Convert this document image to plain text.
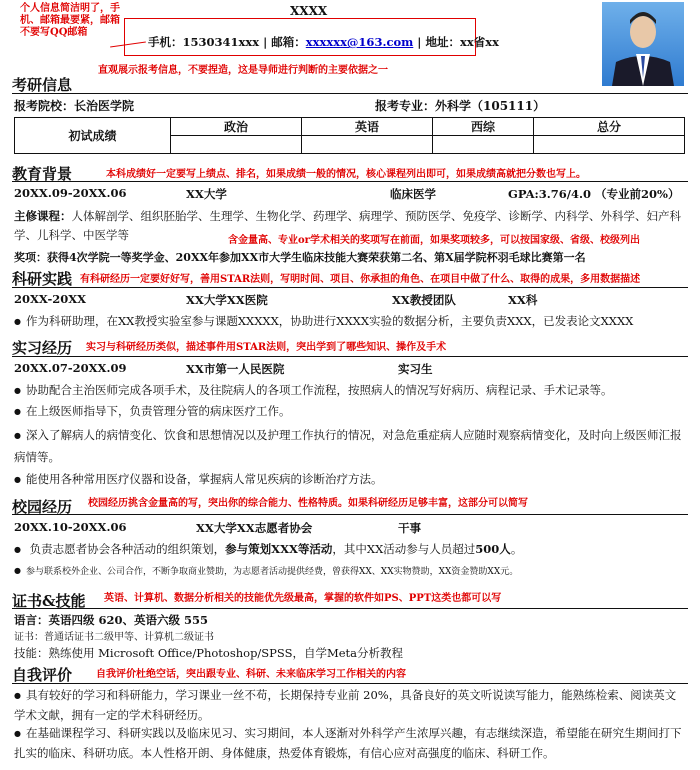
个人信息简洁明了，手机、邮箱最要紧，邮箱不要写QQ邮箱
XXXX
手机：1530341xxx | 邮箱：xxxxxx@163.com | 地址：xx省xx
直观展示报考信息，不要捏造，这是导师进行判断的主要依据之一
考研信息
报考院校：长治医学院	报考专业：外科学（105111）
初试成绩	政治	英语	西综	总分

教育背景	本科成绩好一定要写上绩点、排名，如果成绩一般的情况，核心课程列出即可，如果成绩高就把分数也写上。
20XX.09-20XX.06	XX大学	临床医学	GPA:3.76/4.0 （专业前20%）
主修课程：人体解剖学、组织胚胎学、生理学、生物化学、药理学、病理学、预防医学、免疫学、诊断学、内科学、外科学、妇产科学、儿科学、中医学等	含金量高、专业or学术相关的奖项写在前面，如果奖项较多，可以按国家级、省级、校级列出
奖项：获得4次学院一等奖学金、20XX年参加XX市大学生临床技能大赛荣获第二名、第X届学院杯羽毛球比赛第一名
科研实践 有科研经历一定要好好写，善用STAR法则，写明时间、项目、你承担的角色、在项目中做了什么、取得的成果，多用数据描述
20XX-20XX	XX大学XX医院	XX教授团队	XX科
● 作为科研助理，在XX教授实验室参与课题XXXXX，协助进行XXXX实验的数据分析，主要负责XXX，已发表论文XXXX
实习经历 实习与科研经历类似，描述事件用STAR法则，突出学到了哪些知识、操作及手术
20XX.07-20XX.09	XX市第一人民医院	实习生
● 协助配合主治医师完成各项手术，及往院病人的各项工作流程，按照病人的情况写好病历、病程记录、手术记录等。
● 在上级医师指导下，负责管理分管的病床医疗工作。
● 深入了解病人的病情变化、饮食和思想情况以及护理工作执行的情况，对急危重症病人应随时观察病情变化，及时向上级医师汇报病情等。
● 能使用各种常用医疗仪器和设备，掌握病人常见疾病的诊断治疗方法。
校园经历 校园经历挑含金量高的写，突出你的综合能力、性格特质。如果科研经历足够丰富，这部分可以简写
20XX.10-20XX.06	XX大学XX志愿者协会	干事
● 负责志愿者协会各种活动的组织策划，参与策划XXX等活动，其中XX活动参与人员超过500人。
● 参与联系校外企业、公司合作，不断争取商业赞助，为志愿者活动提供经费，曾获得XX、XX实物赞助，XX资金赞助XX元。
证书&技能 英语、计算机、数据分析相关的技能优先级最高，掌握的软件如PS、PPT这类也都可以写
语言：英语四级 620、英语六级 555
证书：普通话证书二级甲等、计算机二级证书
技能：熟练使用 Microsoft Office/Photoshop/SPSS，自学Meta分析教程
自我评价 自我评价杜绝空话，突出跟专业、科研、未来临床学习工作相关的内容
● 具有较好的学习和科研能力，学习课业一丝不苟，长期保持专业前 20%，具备良好的英文听说读写能力，能熟练检索、阅读英文学术文献，拥有一定的学术科研经历。
● 在基础课程学习、科研实践以及临床见习、实习期间，本人逐渐对外科学产生浓厚兴趣，有志继续深造，希望能在研究生期间打下扎实的临床、科研功底。本人性格开朗、身体健康，热爱体育锻炼，有信心应对高强度的临床、科研工作。
